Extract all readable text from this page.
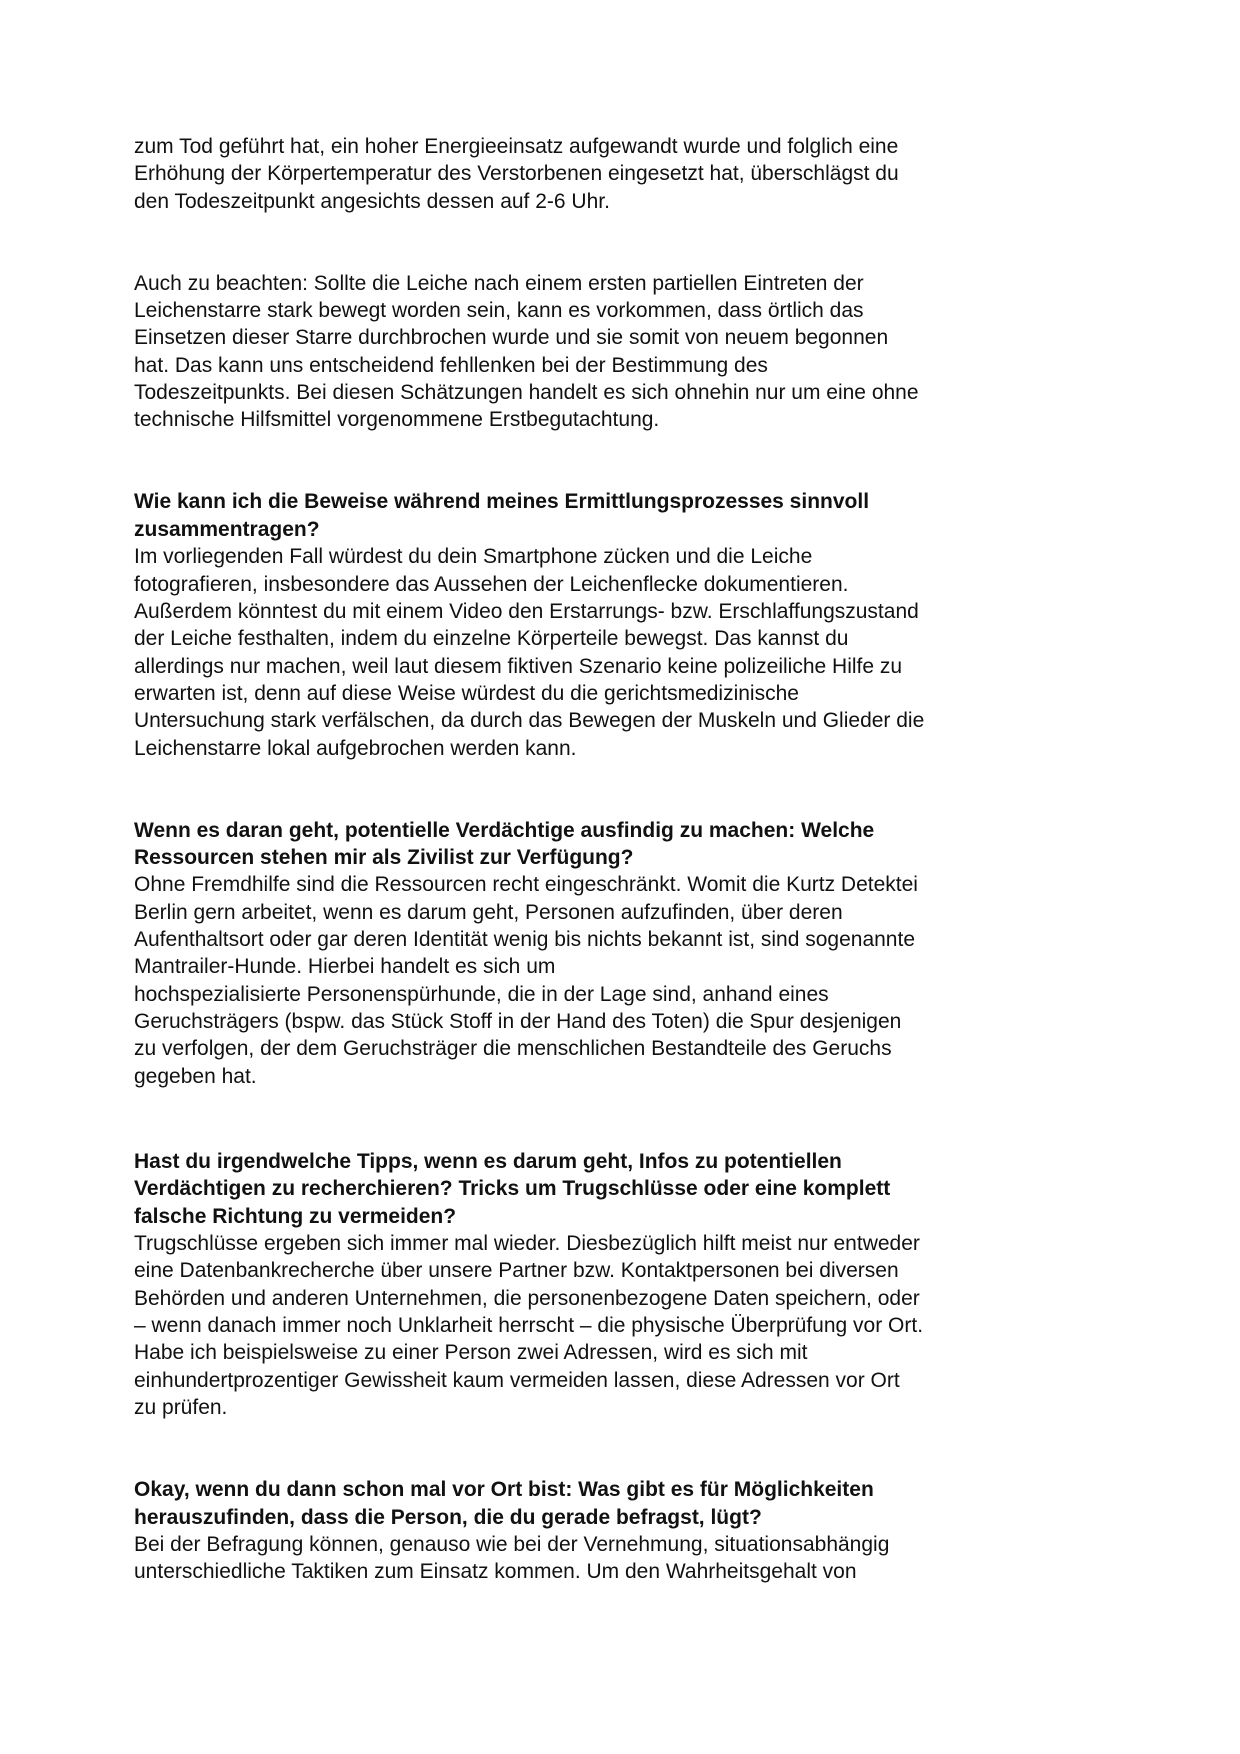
zum Tod geführt hat, ein hoher Energieeinsatz aufgewandt wurde und folglich eine
Erhöhung der Körpertemperatur des Verstorbenen eingesetzt hat, überschlägst du
den Todeszeitpunkt angesichts dessen auf 2-6 Uhr.
Auch zu beachten: Sollte die Leiche nach einem ersten partiellen Eintreten der
Leichenstarre stark bewegt worden sein, kann es vorkommen, dass örtlich das
Einsetzen dieser Starre durchbrochen wurde und sie somit von neuem begonnen
hat. Das kann uns entscheidend fehllenken bei der Bestimmung des
Todeszeitpunkts. Bei diesen Schätzungen handelt es sich ohnehin nur um eine ohne
technische Hilfsmittel vorgenommene Erstbegutachtung.
Wie kann ich die Beweise während meines Ermittlungsprozesses sinnvoll
zusammentragen?
Im vorliegenden Fall würdest du dein Smartphone zücken und die Leiche
fotografieren, insbesondere das Aussehen der Leichenflecke dokumentieren.
Außerdem könntest du mit einem Video den Erstarrungs- bzw. Erschlaffungszustand
der Leiche festhalten, indem du einzelne Körperteile bewegst. Das kannst du
allerdings nur machen, weil laut diesem fiktiven Szenario keine polizeiliche Hilfe zu
erwarten ist, denn auf diese Weise würdest du die gerichtsmedizinische
Untersuchung stark verfälschen, da durch das Bewegen der Muskeln und Glieder die
Leichenstarre lokal aufgebrochen werden kann.
Wenn es daran geht, potentielle Verdächtige ausfindig zu machen: Welche
Ressourcen stehen mir als Zivilist zur Verfügung?
Ohne Fremdhilfe sind die Ressourcen recht eingeschränkt. Womit die Kurtz Detektei
Berlin gern arbeitet, wenn es darum geht, Personen aufzufinden, über deren
Aufenthaltsort oder gar deren Identität wenig bis nichts bekannt ist, sind sogenannte
Mantrailer-Hunde. Hierbei handelt es sich um
hochspezialisierte Personenspürhunde, die in der Lage sind, anhand eines
Geruchsträgers (bspw. das Stück Stoff in der Hand des Toten) die Spur desjenigen
zu verfolgen, der dem Geruchsträger die menschlichen Bestandteile des Geruchs
gegeben hat.
Hast du irgendwelche Tipps, wenn es darum geht, Infos zu potentiellen
Verdächtigen zu recherchieren? Tricks um Trugschlüsse oder eine komplett
falsche Richtung zu vermeiden?
Trugschlüsse ergeben sich immer mal wieder. Diesbezüglich hilft meist nur entweder
eine Datenbankrecherche über unsere Partner bzw. Kontaktpersonen bei diversen
Behörden und anderen Unternehmen, die personenbezogene Daten speichern, oder
– wenn danach immer noch Unklarheit herrscht – die physische Überprüfung vor Ort.
Habe ich beispielsweise zu einer Person zwei Adressen, wird es sich mit
einhundertprozentiger Gewissheit kaum vermeiden lassen, diese Adressen vor Ort
zu prüfen.
Okay, wenn du dann schon mal vor Ort bist: Was gibt es für Möglichkeiten
herauszufinden, dass die Person, die du gerade befragst, lügt?
Bei der Befragung können, genauso wie bei der Vernehmung, situationsabhängig
unterschiedliche Taktiken zum Einsatz kommen. Um den Wahrheitsgehalt von
